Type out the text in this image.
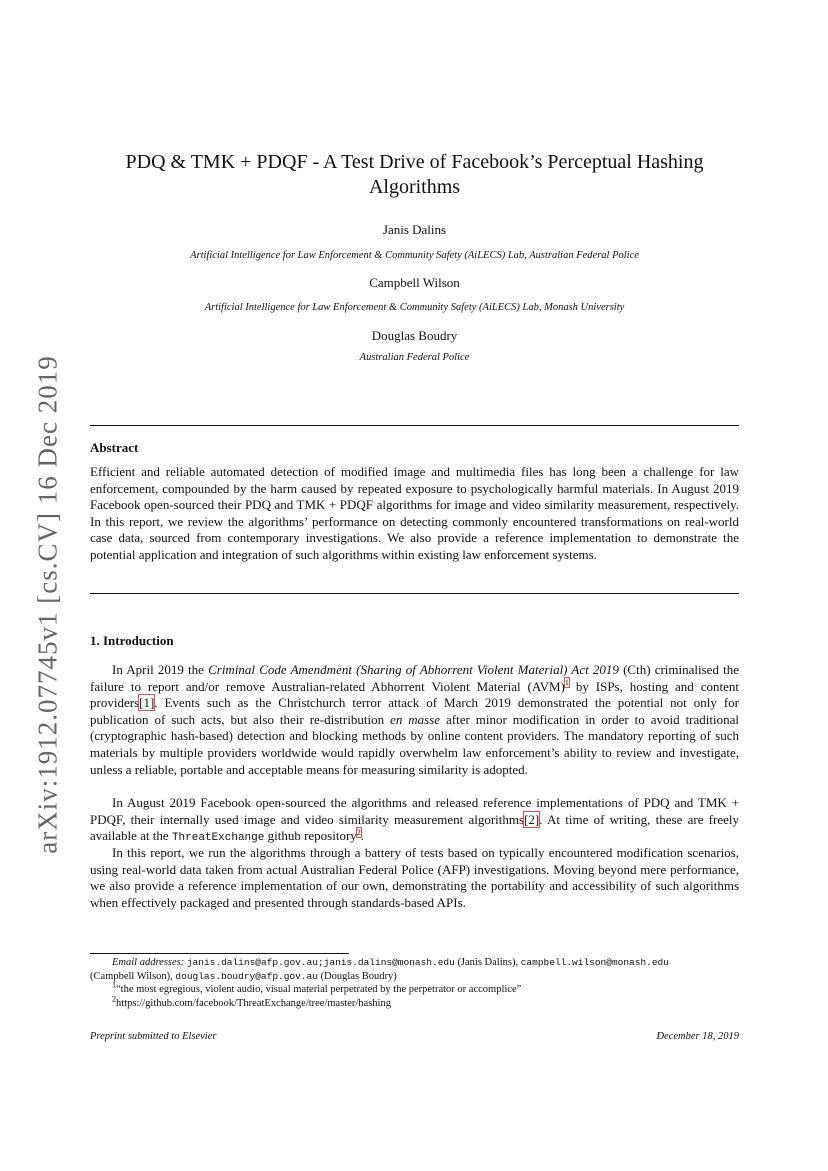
arXiv:1912.07745v1 [cs.CV] 16 Dec 2019
PDQ & TMK + PDQF - A Test Drive of Facebook’s Perceptual Hashing Algorithms
Janis Dalins
Artificial Intelligence for Law Enforcement & Community Safety (AiLECS) Lab, Australian Federal Police
Campbell Wilson
Artificial Intelligence for Law Enforcement & Community Safety (AiLECS) Lab, Monash University
Douglas Boudry
Australian Federal Police
Abstract

Efficient and reliable automated detection of modified image and multimedia files has long been a challenge for law enforcement, compounded by the harm caused by repeated exposure to psychologically harmful materials. In August 2019 Facebook open-sourced their PDQ and TMK + PDQF algorithms for image and video similarity measurement, respectively. In this report, we review the algorithms’ performance on detecting commonly encountered transformations on real-world case data, sourced from contemporary investigations. We also provide a reference implementation to demonstrate the potential application and integration of such algorithms within existing law enforcement systems.

1. Introduction

In April 2019 the Criminal Code Amendment (Sharing of Abhorrent Violent Material) Act 2019 (Cth) criminalised the failure to report and/or remove Australian-related Abhorrent Violent Material (AVM)$^1$ by ISPs, hosting and content providers[1]. Events such as the Christchurch terror attack of March 2019 demonstrated the potential not only for publication of such acts, but also their re-distribution en masse after minor modification in order to avoid traditional (cryptographic hash-based) detection and blocking methods by online content providers. The mandatory reporting of such materials by multiple providers worldwide would rapidly overwhelm law enforcement’s ability to review and investigate, unless a reliable, portable and acceptable means for measuring similarity is adopted.

In August 2019 Facebook open-sourced the algorithms and released reference implementations of PDQ and TMK + PDQF, their internally used image and video similarity measurement algorithms[2]. At time of writing, these are freely available at the ThreatExchange github repository$^2$.

In this report, we run the algorithms through a battery of tests based on typically encountered modification scenarios, using real-world data taken from actual Australian Federal Police (AFP) investigations. Moving beyond mere performance, we also provide a reference implementation of our own, demonstrating the portability and accessibility of such algorithms when effectively packaged and presented through standards-based APIs.

Email addresses: janis.dalins@afp.gov.au;janis.dalins@monash.edu (Janis Dalins), campbell.wilson@monash.edu
(Campbell Wilson), douglas.boudry@afp.gov.au (Douglas Boudry)

$^1$“the most egregious, violent audio, visual material perpetrated by the perpetrator or accomplice”

$^2$https://github.com/facebook/ThreatExchange/tree/master/hashing

Preprint submitted to Elsevier	December 18, 2019
